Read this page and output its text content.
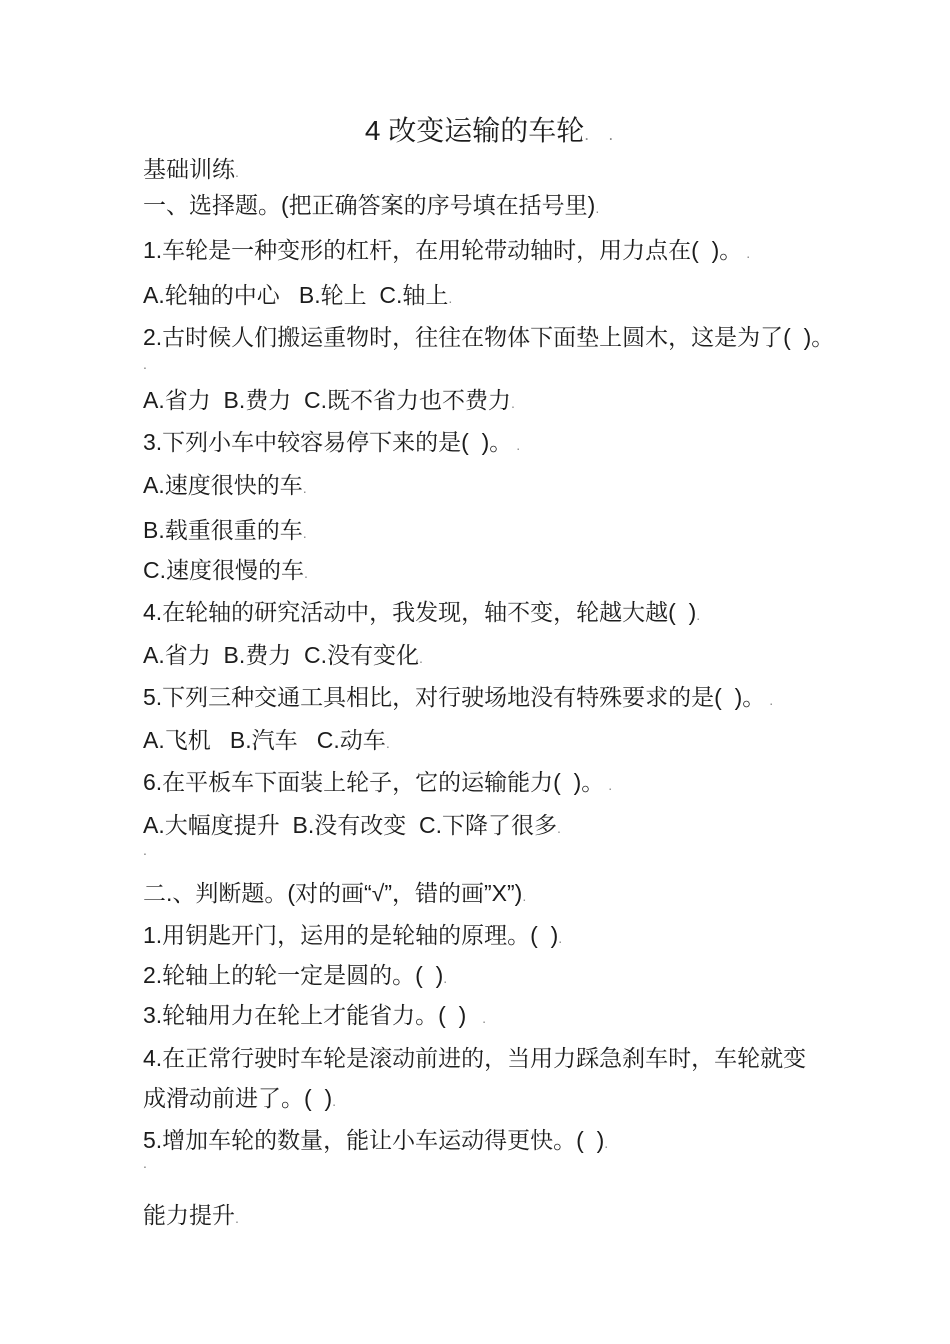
4 改变运输的车轮.    .
基础训练.
一、选择题。(把正确答案的序号填在括号里).
1.车轮是一种变形的杠杆，在用轮带动轴时，用力点在(  )。 .
A.轮轴的中心   B.轮上  C.轴上.
2.古时候人们搬运重物时，往往在物体下面垫上圆木，这是为了(  )。
.
A.省力  B.费力  C.既不省力也不费力.
3.下列小车中较容易停下来的是(  )。 .
A.速度很快的车.
B.载重很重的车.
C.速度很慢的车.
4.在轮轴的研究活动中，我发现，轴不变，轮越大越(  ).
A.省力  B.费力  C.没有变化.
5.下列三种交通工具相比，对行驶场地没有特殊要求的是(  )。 .
A.飞机   B.汽车   C.动车.
6.在平板车下面装上轮子，它的运输能力(  )。 .
A.大幅度提升  B.没有改变  C.下降了很多.
.
二.、判断题。(对的画“√”，错的画”X”).
1.用钥匙开门，运用的是轮轴的原理。(  ).
2.轮轴上的轮一定是圆的。(  ).
3.轮轴用力在轮上才能省力。(  )    .
4.在正常行驶时车轮是滚动前进的，当用力踩急刹车时，车轮就变
成滑动前进了。(  ).
5.增加车轮的数量，能让小车运动得更快。(  ).
.
能力提升.
